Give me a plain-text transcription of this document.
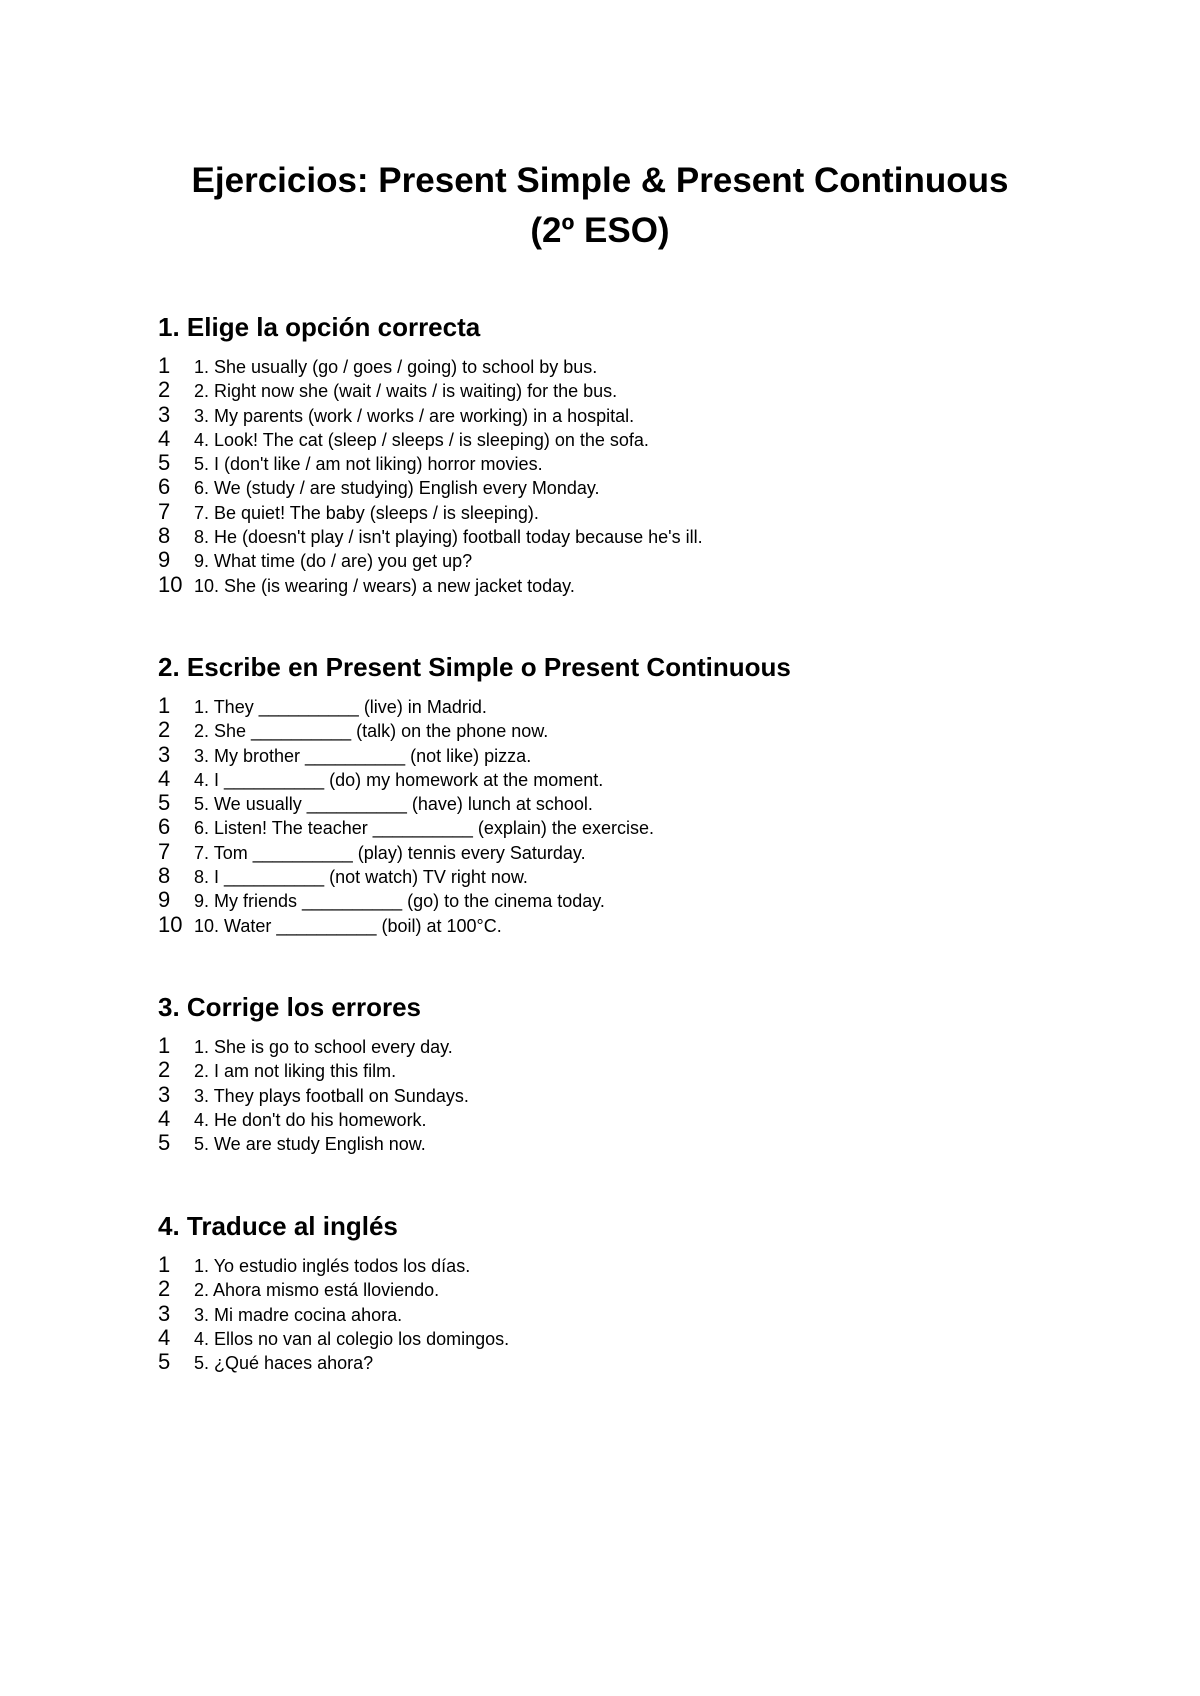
Ejercicios: Present Simple & Present Continuous
(2º ESO)
1. Elige la opción correcta
1	1. She usually (go / goes / going) to school by bus.
2	2. Right now she (wait / waits / is waiting) for the bus.
3	3. My parents (work / works / are working) in a hospital.
4	4. Look! The cat (sleep / sleeps / is sleeping) on the sofa.
5	5. I (don't like / am not liking) horror movies.
6	6. We (study / are studying) English every Monday.
7	7. Be quiet! The baby (sleeps / is sleeping).
8	8. He (doesn't play / isn't playing) football today because he's ill.
9	9. What time (do / are) you get up?
10 10. She (is wearing / wears) a new jacket today.
2. Escribe en Present Simple o Present Continuous
1	1. They __________ (live) in Madrid.
2	2. She __________ (talk) on the phone now.
3	3. My brother __________ (not like) pizza.
4	4. I __________ (do) my homework at the moment.
5	5. We usually __________ (have) lunch at school.
6	6. Listen! The teacher __________ (explain) the exercise.
7	7. Tom __________ (play) tennis every Saturday.
8	8. I __________ (not watch) TV right now.
9	9. My friends __________ (go) to the cinema today.
10 10. Water __________ (boil) at 100°C.
3. Corrige los errores
1	1. She is go to school every day.
2	2. I am not liking this film.
3	3. They plays football on Sundays.
4	4. He don't do his homework.
5	5. We are study English now.
4. Traduce al inglés
1	1. Yo estudio inglés todos los días.
2	2. Ahora mismo está lloviendo.
3	3. Mi madre cocina ahora.
4	4. Ellos no van al colegio los domingos.
5	5. ¿Qué haces ahora?
